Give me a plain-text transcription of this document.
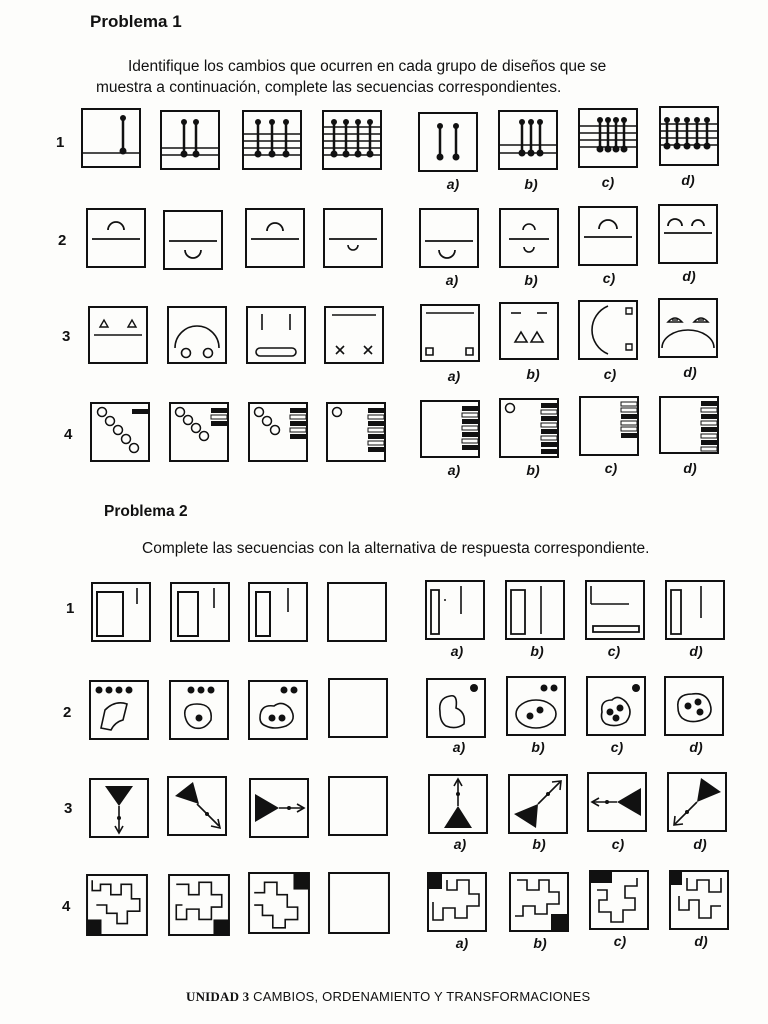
Problema 1
Identifique los cambios que ocurren en cada grupo de diseños que se
muestra a continuación, complete las secuencias correspondientes.
1
2
3
4
a)	b)	c)	d)
a)	b)	c)	d)
a)	b)	c)	d)
a)	b)	c)	d)
Problema 2
Complete las secuencias con la alternativa de respuesta correspondiente.
1
2
3
4
a)	b)	c)	d)
a)	b)	c)	d)
a)	b)	c)	d)
a)	b)	c)	d)
UNIDAD 3 CAMBIOS, ORDENAMIENTO Y TRANSFORMACIONES
